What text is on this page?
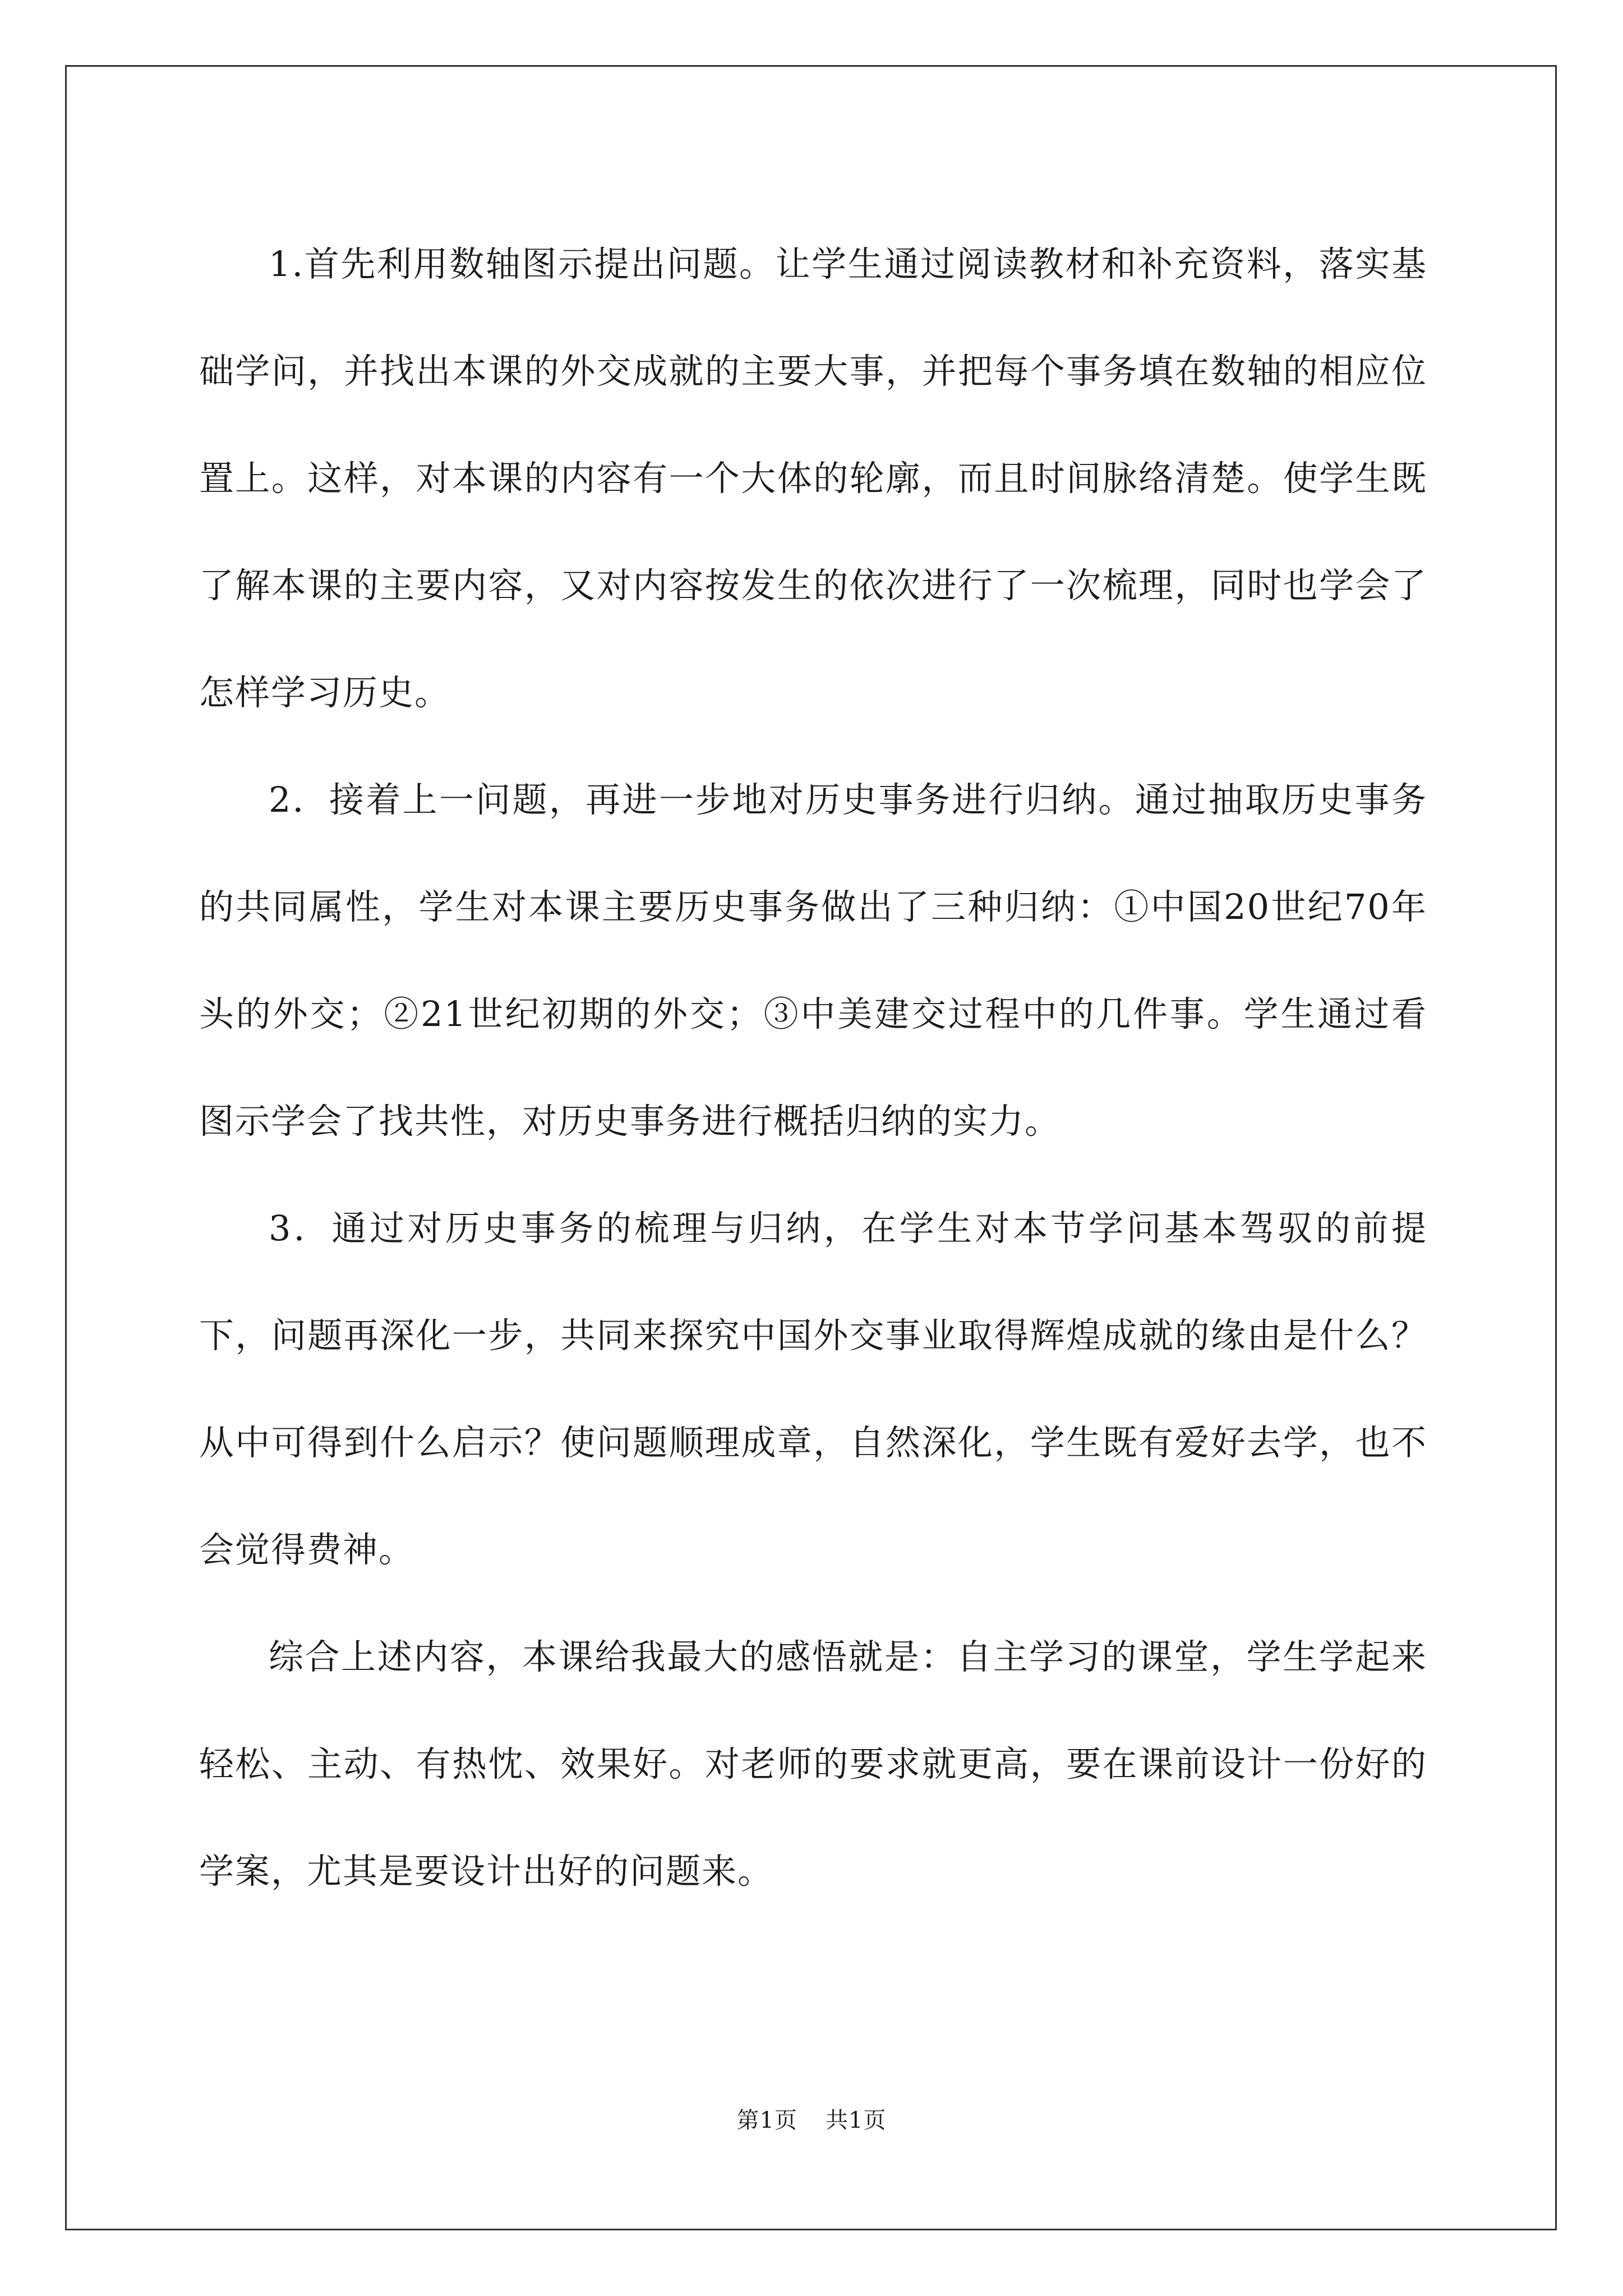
1.首先利用数轴图示提出问题。让学生通过阅读教材和补充资料，落实基础学问，并找出本课的外交成就的主要大事，并把每个事务填在数轴的相应位置上。这样，对本课的内容有一个大体的轮廓，而且时间脉络清楚。使学生既了解本课的主要内容，又对内容按发生的依次进行了一次梳理，同时也学会了怎样学习历史。

2．接着上一问题，再进一步地对历史事务进行归纳。通过抽取历史事务的共同属性，学生对本课主要历史事务做出了三种归纳：①中国20世纪70年头的外交；②21世纪初期的外交；③中美建交过程中的几件事。学生通过看图示学会了找共性，对历史事务进行概括归纳的实力。

3．通过对历史事务的梳理与归纳，在学生对本节学问基本驾驭的前提下，问题再深化一步，共同来探究中国外交事业取得辉煌成就的缘由是什么？从中可得到什么启示？使问题顺理成章，自然深化，学生既有爱好去学，也不会觉得费神。

综合上述内容，本课给我最大的感悟就是：自主学习的课堂，学生学起来轻松、主动、有热忱、效果好。对老师的要求就更高，要在课前设计一份好的学案，尤其是要设计出好的问题来。

第1页 共1页
